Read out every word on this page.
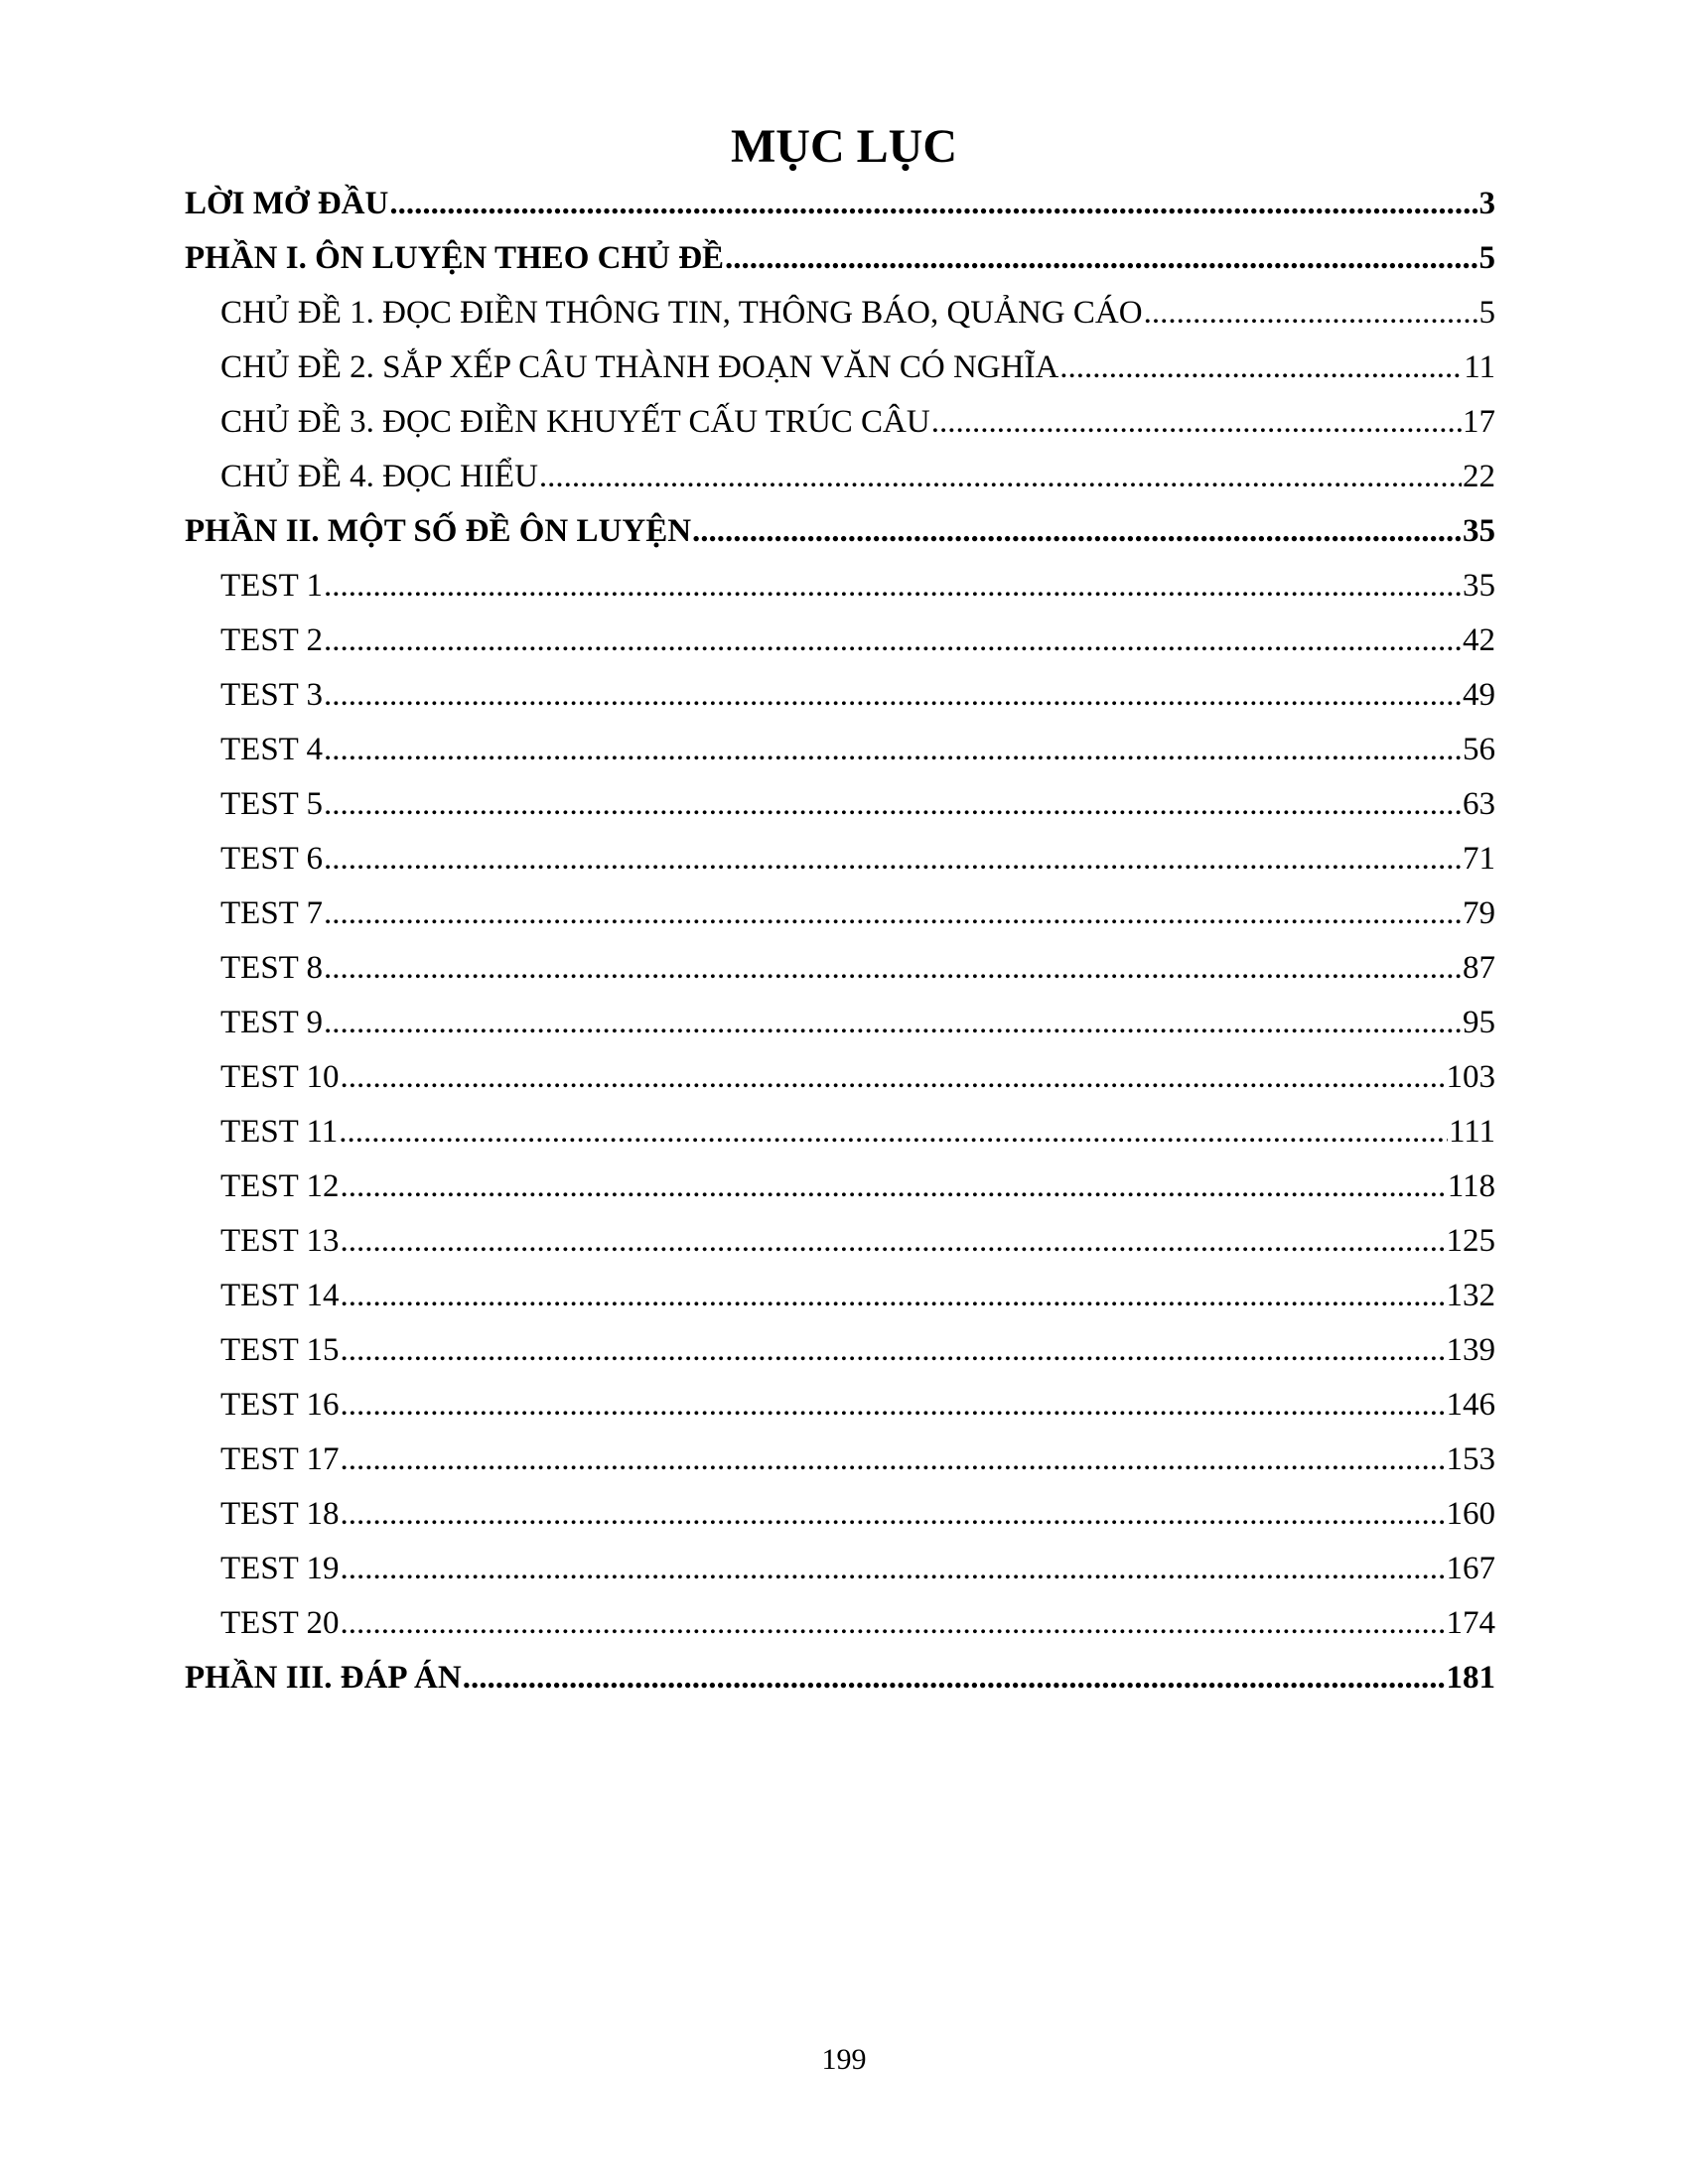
MỤC LỤC
LỜI MỞ ĐẦU .....	3
PHẦN I. ÔN LUYỆN THEO CHỦ ĐỀ .....	5
CHỦ ĐỀ 1. ĐỌC ĐIỀN THÔNG TIN, THÔNG BÁO, QUẢNG CÁO .....	5
CHỦ ĐỀ 2. SẮP XẾP CÂU THÀNH ĐOẠN VĂN CÓ NGHĨA .....	11
CHỦ ĐỀ 3. ĐỌC ĐIỀN KHUYẾT CẤU TRÚC CÂU .....	17
CHỦ ĐỀ 4. ĐỌC HIỂU .....	22
PHẦN II. MỘT SỐ ĐỀ ÔN LUYỆN .....	35
TEST 1 .....	35
TEST 2 .....	42
TEST 3 .....	49
TEST 4 .....	56
TEST 5 .....	63
TEST 6 .....	71
TEST 7 .....	79
TEST 8 .....	87
TEST 9 .....	95
TEST 10 .....	103
TEST 11 .....	111
TEST 12 .....	118
TEST 13 .....	125
TEST 14 .....	132
TEST 15 .....	139
TEST 16 .....	146
TEST 17 .....	153
TEST 18 .....	160
TEST 19 .....	167
TEST 20 .....	174
PHẦN III. ĐÁP ÁN .....	181
199
